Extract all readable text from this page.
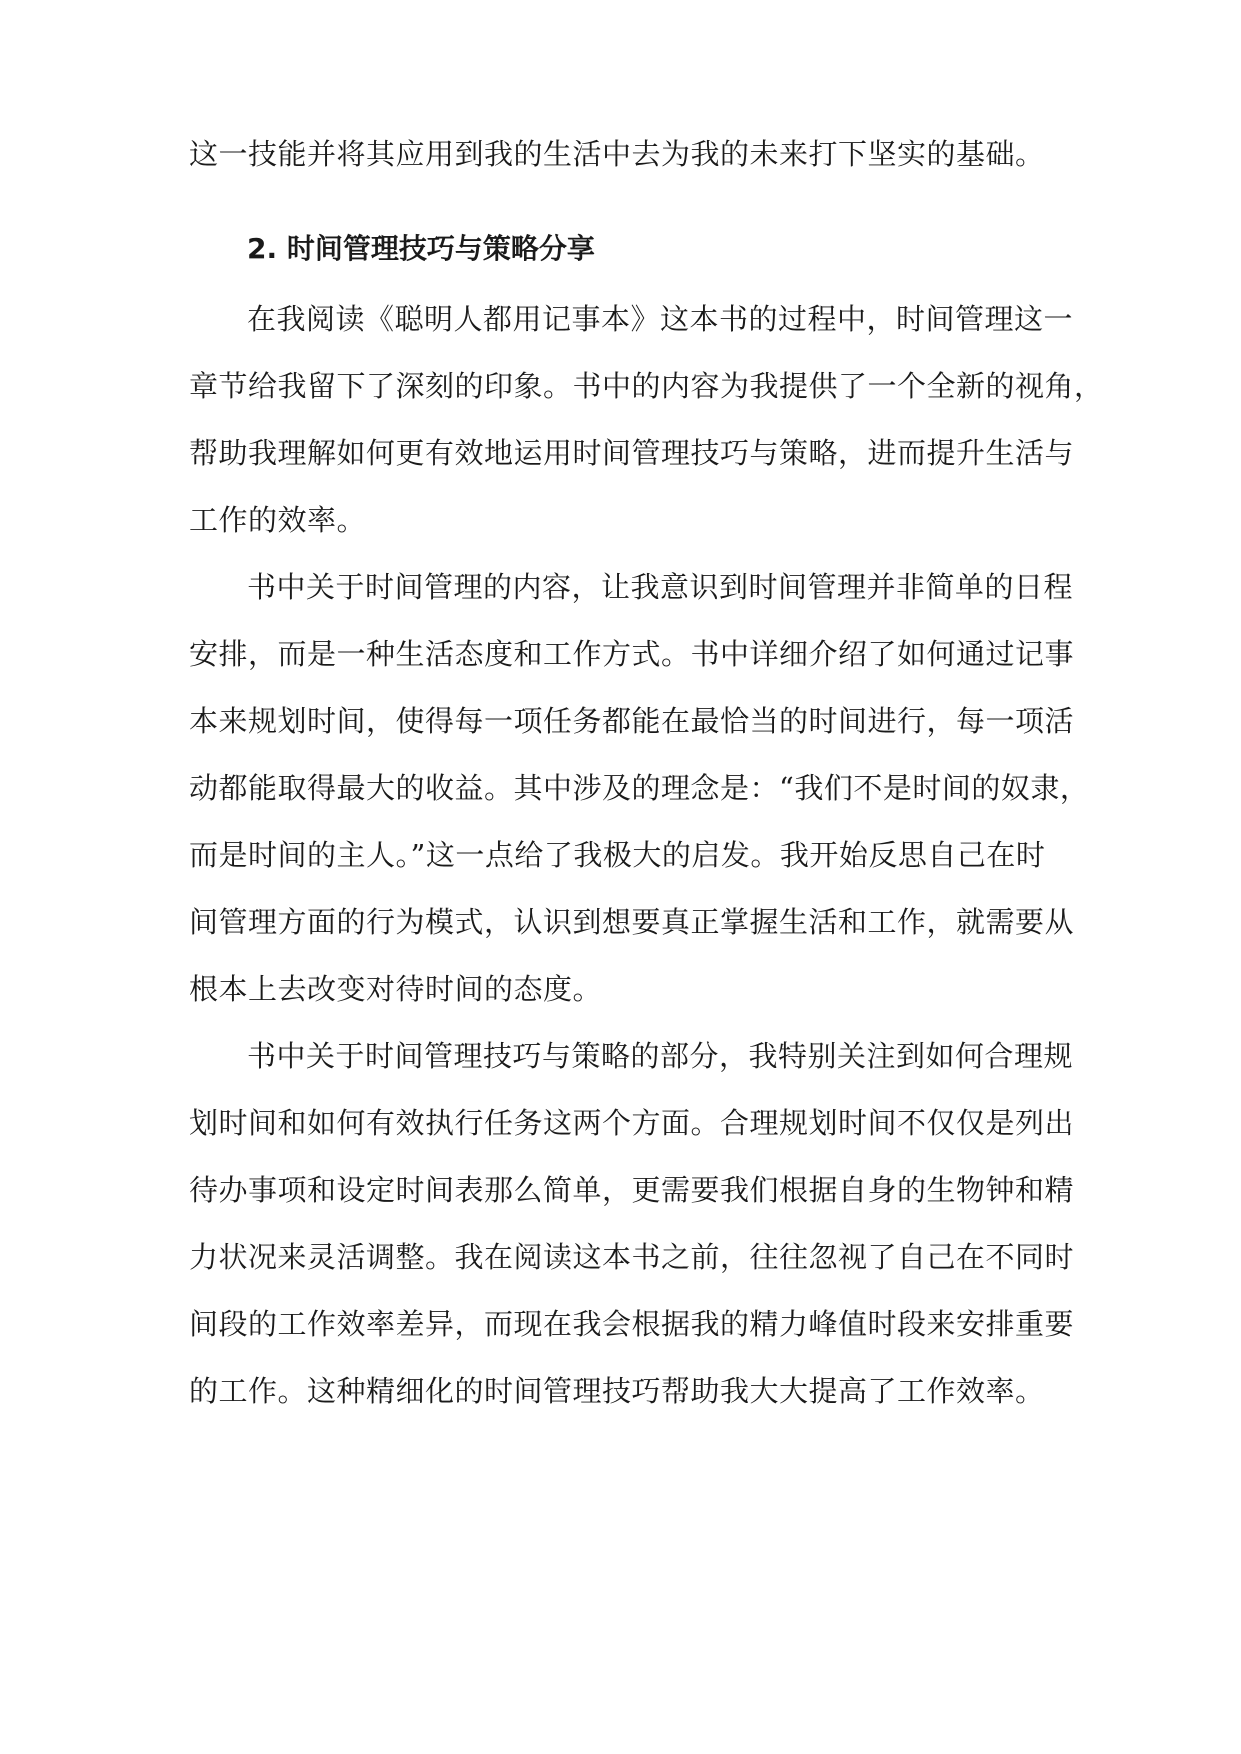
这一技能并将其应用到我的生活中去为我的未来打下坚实的基础。
2. 时间管理技巧与策略分享
在我阅读《聪明人都用记事本》这本书的过程中，时间管理这一
章节给我留下了深刻的印象。书中的内容为我提供了一个全新的视角，
帮助我理解如何更有效地运用时间管理技巧与策略，进而提升生活与
工作的效率。
书中关于时间管理的内容，让我意识到时间管理并非简单的日程
安排，而是一种生活态度和工作方式。书中详细介绍了如何通过记事
本来规划时间，使得每一项任务都能在最恰当的时间进行，每一项活
动都能取得最大的收益。其中涉及的理念是：“我们不是时间的奴隶，
而是时间的主人。”这一点给了我极大的启发。我开始反思自己在时
间管理方面的行为模式，认识到想要真正掌握生活和工作，就需要从
根本上去改变对待时间的态度。
书中关于时间管理技巧与策略的部分，我特别关注到如何合理规
划时间和如何有效执行任务这两个方面。合理规划时间不仅仅是列出
待办事项和设定时间表那么简单，更需要我们根据自身的生物钟和精
力状况来灵活调整。我在阅读这本书之前，往往忽视了自己在不同时
间段的工作效率差异，而现在我会根据我的精力峰值时段来安排重要
的工作。这种精细化的时间管理技巧帮助我大大提高了工作效率。
